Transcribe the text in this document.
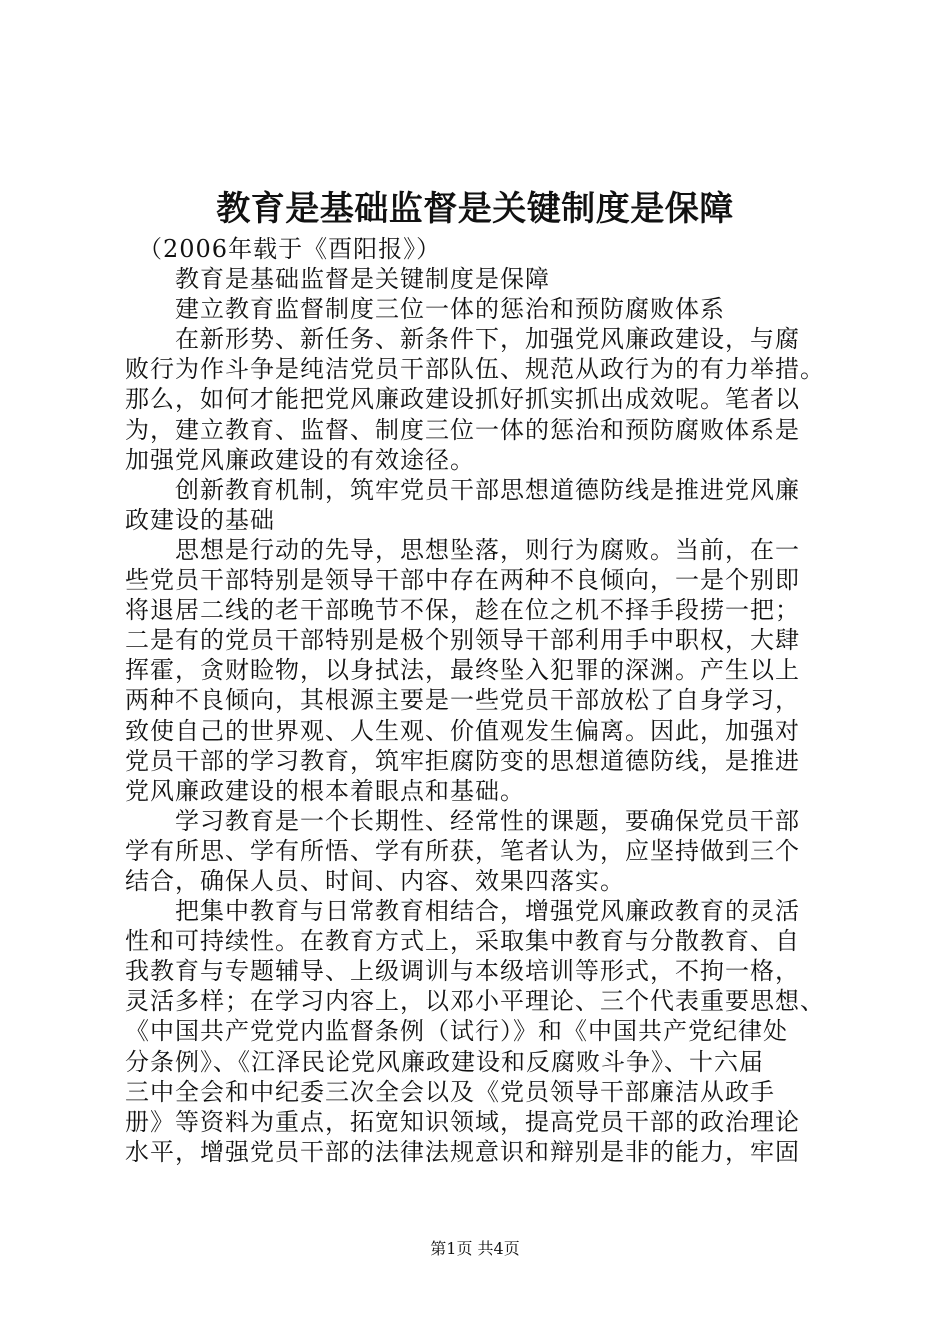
教育是基础监督是关键制度是保障
　（2006年载于《酉阳报》）
　　教育是基础监督是关键制度是保障
　　建立教育监督制度三位一体的惩治和预防腐败体系
　　在新形势、新任务、新条件下，加强党风廉政建设，与腐
败行为作斗争是纯洁党员干部队伍、规范从政行为的有力举措。
那么，如何才能把党风廉政建设抓好抓实抓出成效呢。笔者以
为，建立教育、监督、制度三位一体的惩治和预防腐败体系是
加强党风廉政建设的有效途径。
　　创新教育机制，筑牢党员干部思想道德防线是推进党风廉
政建设的基础
　　思想是行动的先导，思想坠落，则行为腐败。当前，在一
些党员干部特别是领导干部中存在两种不良倾向，一是个别即
将退居二线的老干部晚节不保，趁在位之机不择手段捞一把；
二是有的党员干部特别是极个别领导干部利用手中职权，大肆
挥霍，贪财睑物，以身拭法，最终坠入犯罪的深渊。产生以上
两种不良倾向，其根源主要是一些党员干部放松了自身学习，
致使自己的世界观、人生观、价值观发生偏离。因此，加强对
党员干部的学习教育，筑牢拒腐防变的思想道德防线，是推进
党风廉政建设的根本着眼点和基础。
　　学习教育是一个长期性、经常性的课题，要确保党员干部
学有所思、学有所悟、学有所获，笔者认为，应坚持做到三个
结合，确保人员、时间、内容、效果四落实。
　　把集中教育与日常教育相结合，增强党风廉政教育的灵活
性和可持续性。在教育方式上，采取集中教育与分散教育、自
我教育与专题辅导、上级调训与本级培训等形式，不拘一格，
灵活多样；在学习内容上，以邓小平理论、三个代表重要思想、
《中国共产党党内监督条例（试行）》和《中国共产党纪律处
分条例》、《江泽民论党风廉政建设和反腐败斗争》、十六届
三中全会和中纪委三次全会以及《党员领导干部廉洁从政手
册》等资料为重点，拓宽知识领域，提高党员干部的政治理论
水平，增强党员干部的法律法规意识和辩别是非的能力，牢固
第1页 共4页
